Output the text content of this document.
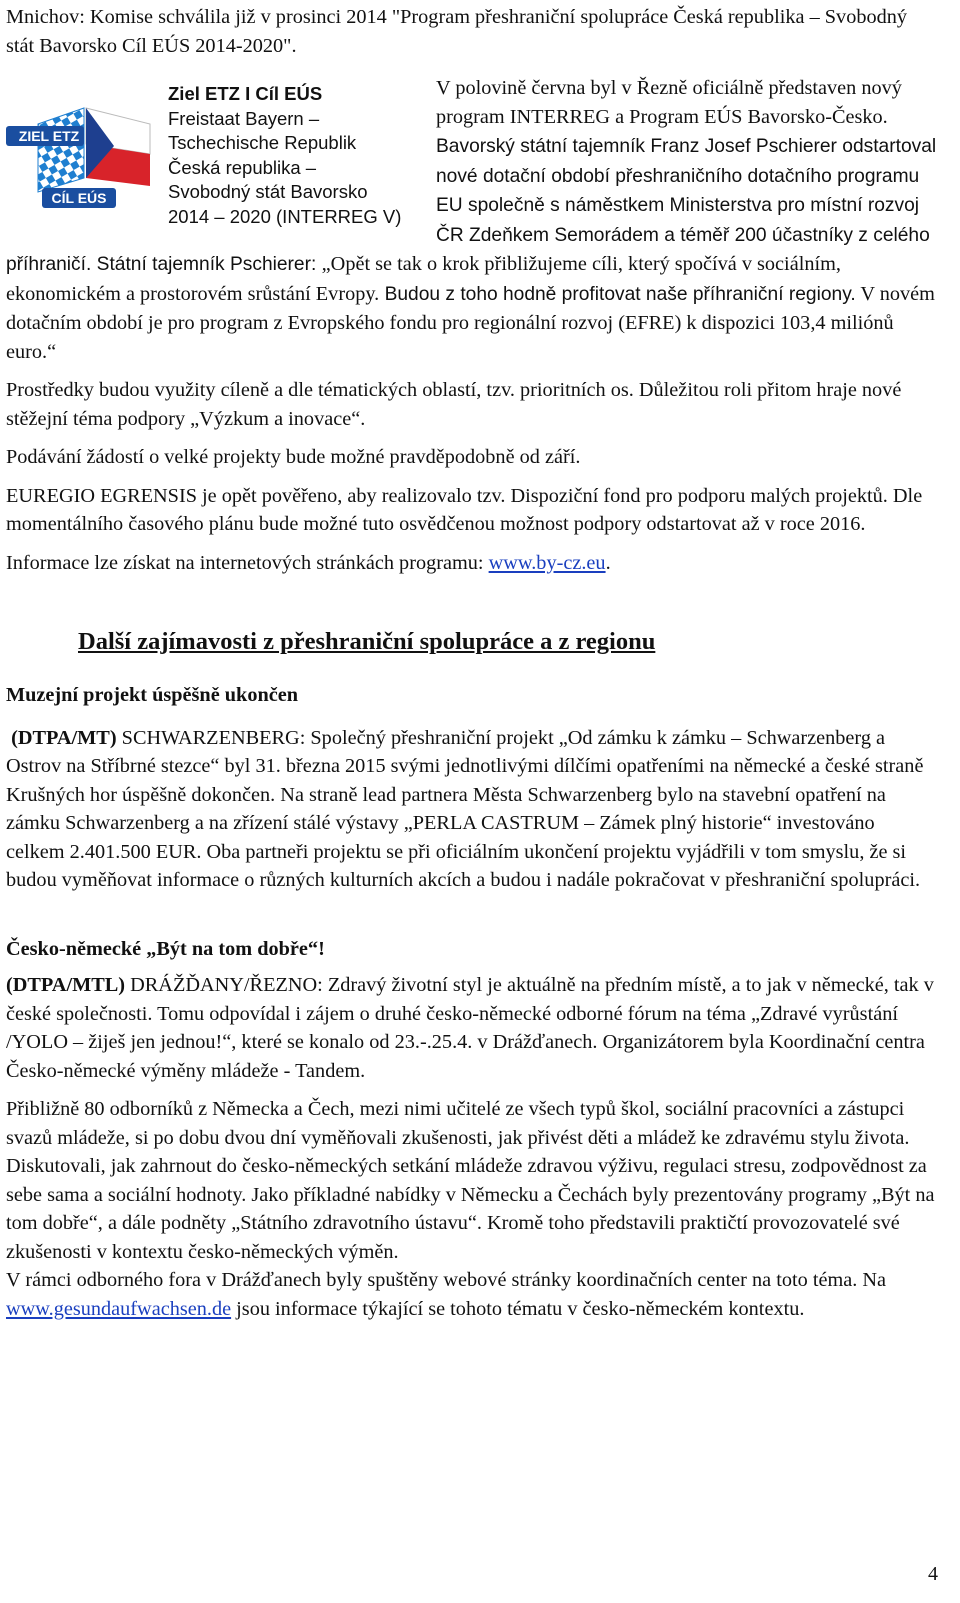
Mnichov: Komise schválila již v prosinci 2014 "Program přeshraniční spolupráce Česká republika – Svobodný stát Bavorsko Cíl EÚS 2014-2020".

ZIEL ETZ
CÍL EÚS
Ziel ETZ I Cíl EÚS
Freistaat Bayern –
Tschechische Republik
Česká republika –
Svobodný stát Bavorsko
2014 – 2020 (INTERREG V)

V polovině června byl v Řezně oficiálně představen nový program INTERREG a Program EÚS Bavorsko-Česko. Bavorský státní tajemník Franz Josef Pschierer odstartoval nové dotační období přeshraničního dotačního programu EU společně s náměstkem Ministerstva pro místní rozvoj ČR Zdeňkem Semorádem a téměř 200 účastníky z celého příhraničí. Státní tajemník Pschierer: „Opět se tak o krok přibližujeme cíli, který spočívá v sociálním, ekonomickém a prostorovém srůstání Evropy. Budou z toho hodně profitovat naše příhraniční regiony. V novém dotačním období je pro program z Evropského fondu pro regionální rozvoj (EFRE) k dispozici 103,4 miliónů euro.“

Prostředky budou využity cíleně a dle tématických oblastí, tzv. prioritních os. Důležitou roli přitom hraje nové stěžejní téma podpory „Výzkum a inovace“.

Podávání žádostí o velké projekty bude možné pravděpodobně od září.

EUREGIO EGRENSIS je opět pověřeno, aby realizovalo tzv. Dispoziční fond pro podporu malých projektů. Dle momentálního časového plánu bude možné tuto osvědčenou možnost podpory odstartovat až v roce 2016.

Informace lze získat na internetových stránkách programu: www.by-cz.eu.

Další zajímavosti z přeshraniční spolupráce a z regionu
Muzejní projekt úspěšně ukončen

(DTPA/MT) SCHWARZENBERG: Společný přeshraniční projekt „Od zámku k zámku – Schwarzenberg a Ostrov na Stříbrné stezce“ byl 31. března 2015 svými jednotlivými dílčími opatřeními na německé a české straně Krušných hor úspěšně dokončen. Na straně lead partnera Města Schwarzenberg bylo na stavební opatření na zámku Schwarzenberg a na zřízení stálé výstavy „PERLA CASTRUM – Zámek plný historie“ investováno celkem 2.401.500 EUR. Oba partneři projektu se při oficiálním ukončení projektu vyjádřili v tom smyslu, že si budou vyměňovat informace o různých kulturních akcích a budou i nadále pokračovat v přeshraniční spolupráci.

Česko-německé „Být na tom dobře“!

(DTPA/MTL) DRÁŽĎANY/ŘEZNO: Zdravý životní styl je aktuálně na předním místě, a to jak v německé, tak v české společnosti. Tomu odpovídal i zájem o druhé česko-německé odborné fórum na téma „Zdravé vyrůstání /YOLO – žiješ jen jednou!“, které se konalo od 23.-.25.4. v Drážďanech. Organizátorem byla Koordinační centra Česko-německé výměny mládeže - Tandem.

Přibližně 80 odborníků z Německa a Čech, mezi nimi učitelé ze všech typů škol, sociální pracovníci a zástupci svazů mládeže, si po dobu dvou dní vyměňovali zkušenosti, jak přivést děti a mládež ke zdravému stylu života. Diskutovali, jak zahrnout do česko-německých setkání mládeže zdravou výživu, regulaci stresu, zodpovědnost za sebe sama a sociální hodnoty. Jako příkladné nabídky v Německu a Čechách byly prezentovány programy „Být na tom dobře“, a dále podněty „Státního zdravotního ústavu“. Kromě toho představili praktičtí provozovatelé své zkušenosti v kontextu česko-německých výměn.

V rámci odborného fora v Drážďanech byly spuštěny webové stránky koordinačních center na toto téma. Na www.gesundaufwachsen.de jsou informace týkající se tohoto tématu v česko-německém kontextu.

4
